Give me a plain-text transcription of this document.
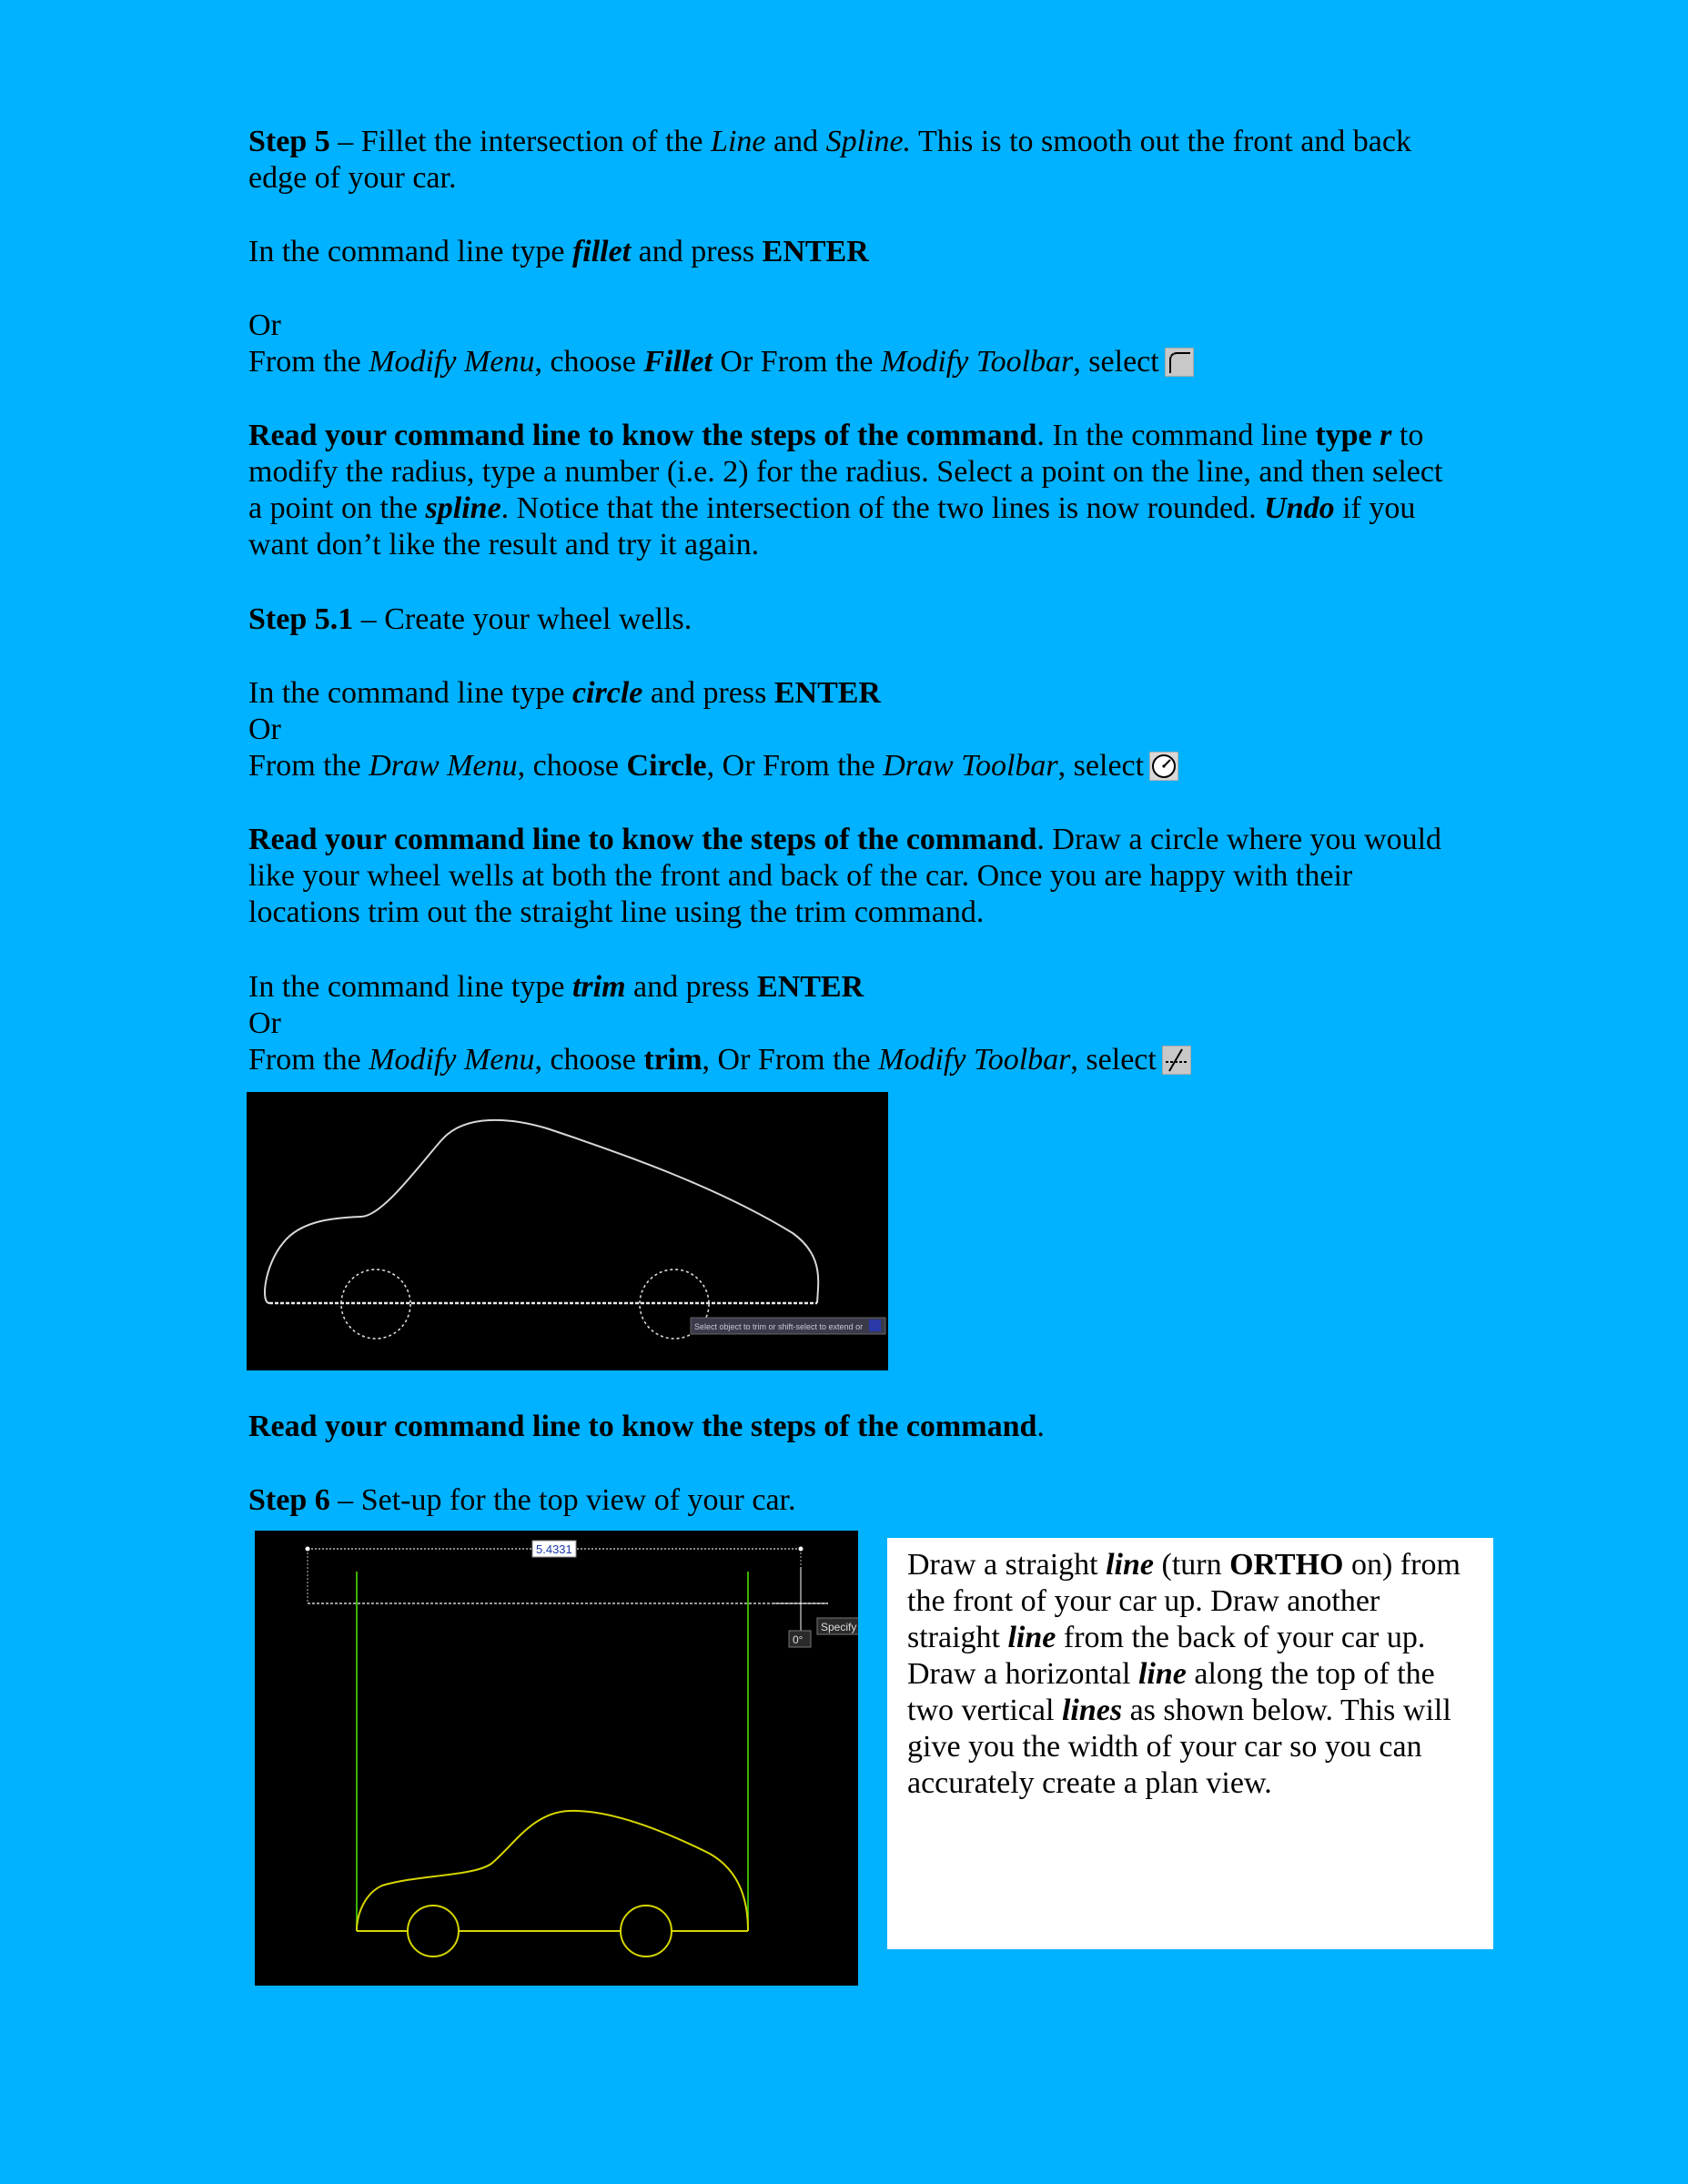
Step 5 – Fillet the intersection of the Line and Spline. This is to smooth out the front and back edge of your car.

In the command line type fillet and press ENTER

Or

From the Modify Menu, choose Fillet Or From the Modify Toolbar, select

Read your command line to know the steps of the command. In the command line type r to modify the radius, type a number (i.e. 2) for the radius. Select a point on the line, and then select a point on the spline. Notice that the intersection of the two lines is now rounded. Undo if you want don’t like the result and try it again.

Step 5.1 – Create your wheel wells.

In the command line type circle and press ENTER

Or

From the Draw Menu, choose Circle, Or From the Draw Toolbar, select

Read your command line to know the steps of the command. Draw a circle where you would like your wheel wells at both the front and back of the car. Once you are happy with their locations trim out the straight line using the trim command.

In the command line type trim and press ENTER

Or

From the Modify Menu, choose trim, Or From the Modify Toolbar, select

Select object to trim or shift-select to extend or

Read your command line to know the steps of the command.

Step 6 – Set-up for the top view of your car.

5.4331
0°
Specify
Draw a straight line (turn ORTHO on) from the front of your car up. Draw another straight line from the back of your car up. Draw a horizontal line along the top of the two vertical lines as shown below. This will give you the width of your car so you can accurately create a plan view.
